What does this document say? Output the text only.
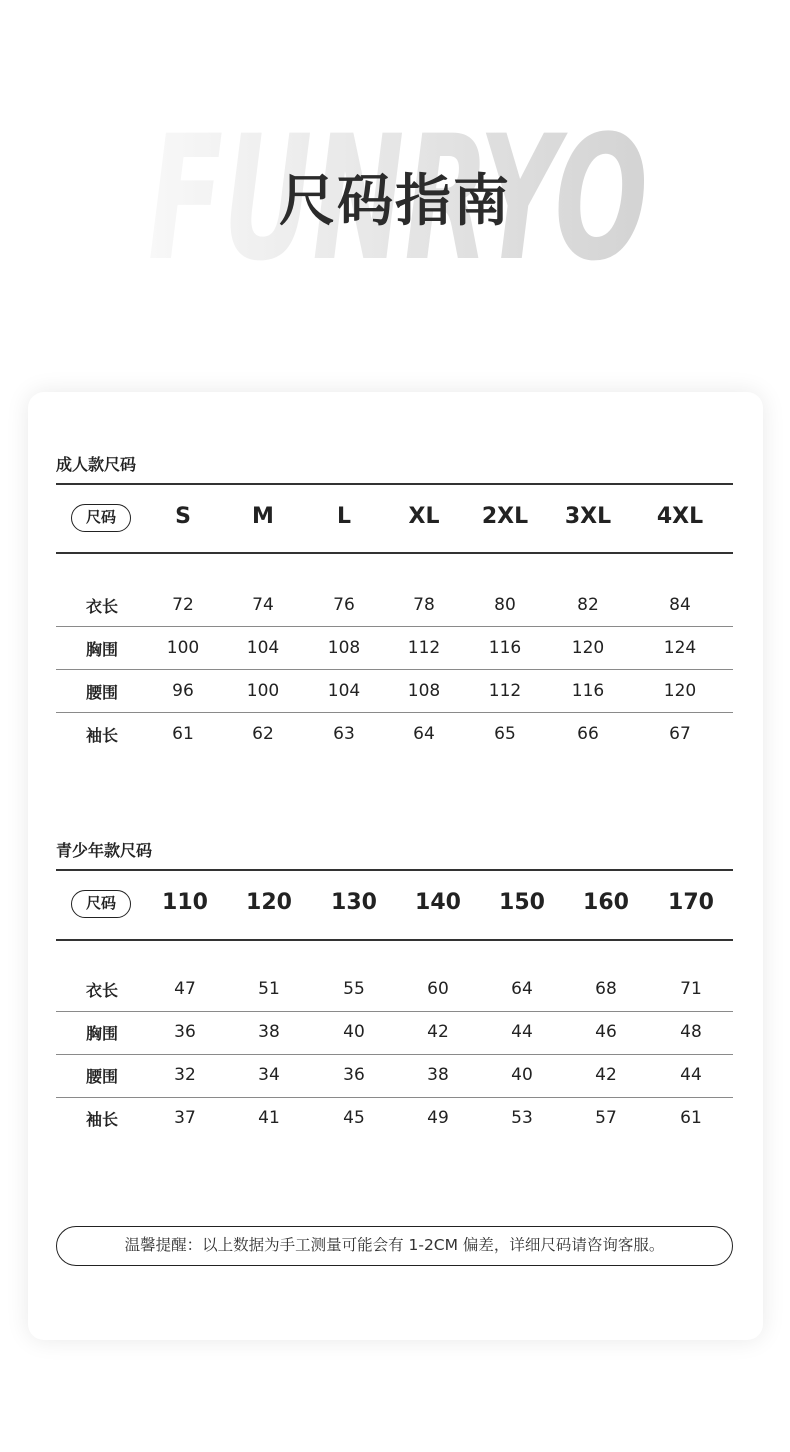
FUNRYO
尺码指南
成人款尺码
尺码	S	M	L	XL 2XL 3XL 4XL
衣长	72	74	76	78	80	82	84
胸围	100	104	108	112	116	120	124
腰围	96	100	104	108	112	116	120
袖长	61	62	63	64	65	66	67
青少年款尺码
尺码	110 120 130 140 150 160 170
衣长	47	51	55	60	64	68	71
胸围	36	38	40	42	44	46	48
腰围	32	34	36	38	40	42	44
袖长	37	41	45	49	53	57	61
温馨提醒：以上数据为手工测量可能会有 1-2CM 偏差，详细尺码请咨询客服。
